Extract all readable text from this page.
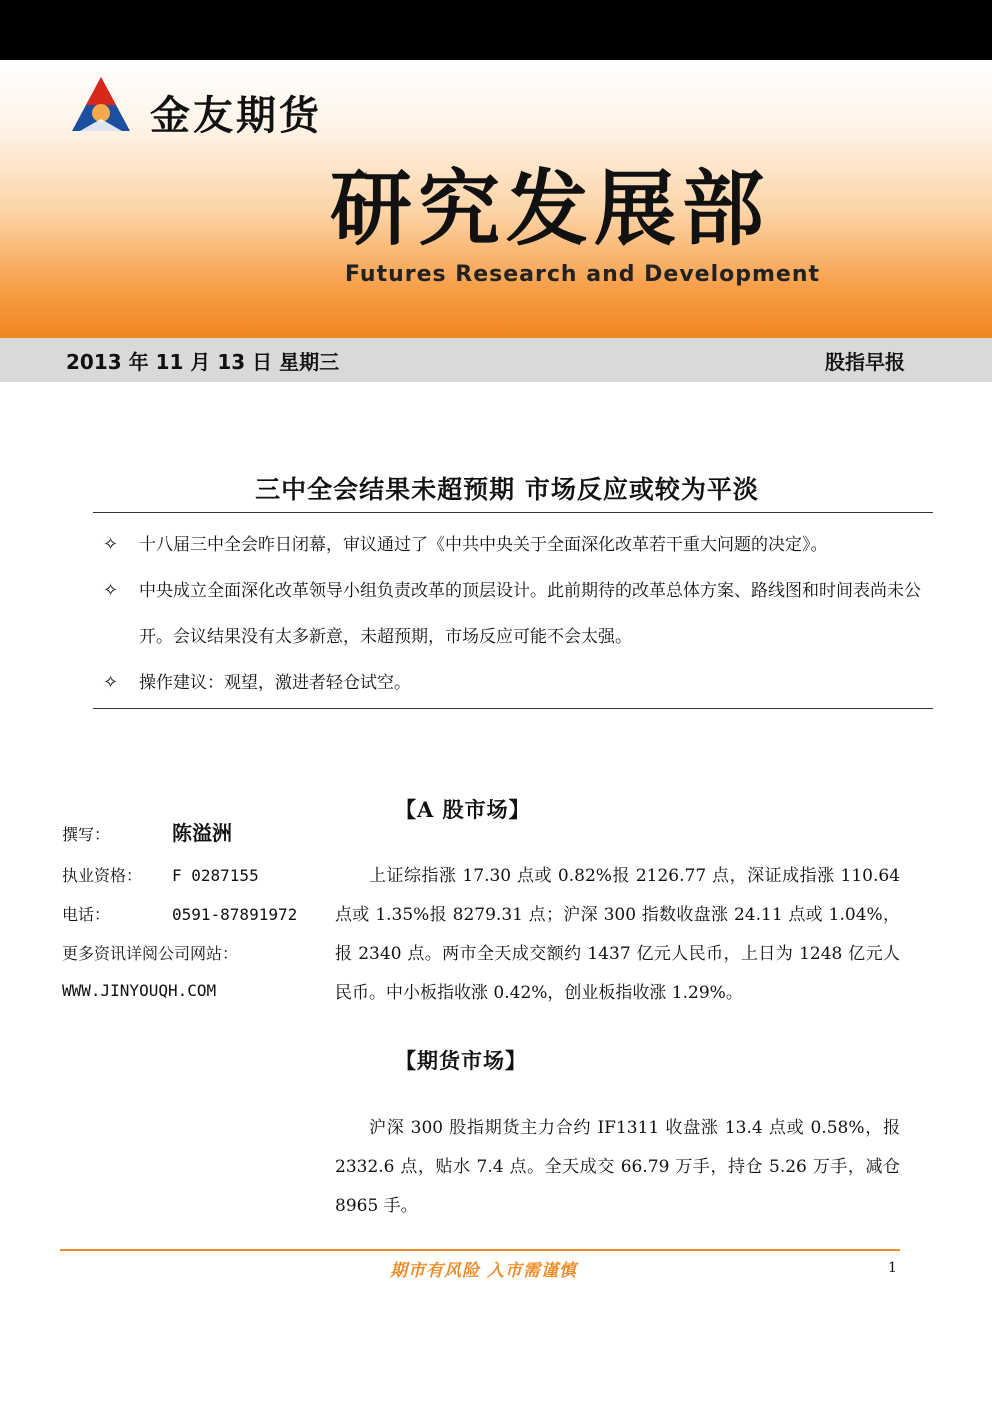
金友期货
研究发展部
Futures Research and Development
2013 年 11 月 13 日 星期三	股指早报
三中全会结果未超预期 市场反应或较为平淡
✧ 十八届三中全会昨日闭幕，审议通过了《中共中央关于全面深化改革若干重大问题的决定》。
✧ 中央成立全面深化改革领导小组负责改革的顶层设计。此前期待的改革总体方案、路线图和时间表尚未公开。会议结果没有太多新意，未超预期，市场反应可能不会太强。
✧ 操作建议：观望，激进者轻仓试空。
【A 股市场】
撰写：	陈溢洲
执业资格： F 0287155
电话：	0591-87891972
更多资讯详阅公司网站：
WWW.JINYOUQH.COM

上证综指涨 17.30 点或 0.82%报 2126.77 点，深证成指涨 110.64 点或 1.35%报 8279.31 点；沪深 300 指数收盘涨 24.11 点或 1.04%，报 2340 点。两市全天成交额约 1437 亿元人民币，上日为 1248 亿元人民币。中小板指收涨 0.42%，创业板指收涨 1.29%。

【期货市场】

沪深 300 股指期货主力合约 IF1311 收盘涨 13.4 点或 0.58%，报 2332.6 点，贴水 7.4 点。全天成交 66.79 万手，持仓 5.26 万手，减仓 8965 手。

期市有风险 入市需谨慎	1
